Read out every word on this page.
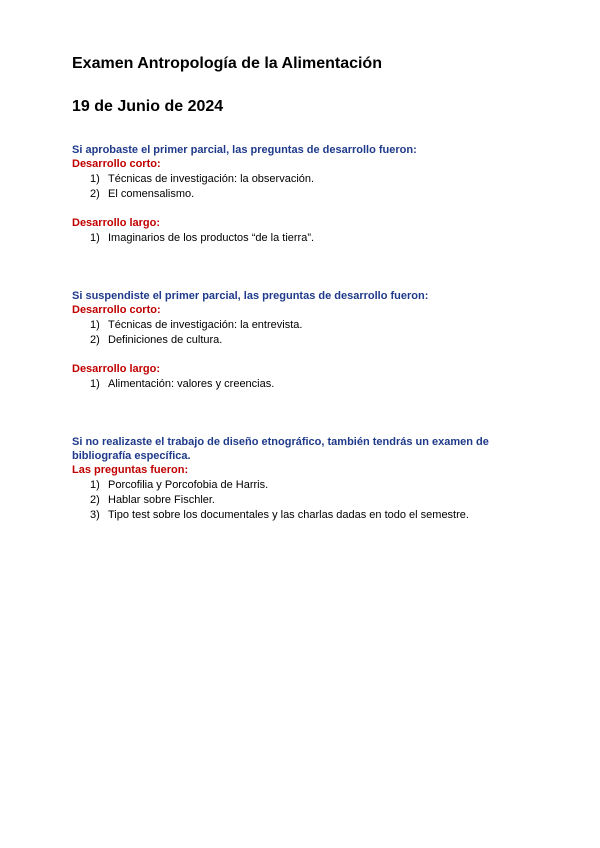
Examen Antropología de la Alimentación
19 de Junio de 2024

Si aprobaste el primer parcial, las preguntas de desarrollo fueron:

Desarrollo corto:

1) Técnicas de investigación: la observación.
2) El comensalismo.

Desarrollo largo:

1) Imaginarios de los productos “de la tierra”.

Si suspendiste el primer parcial, las preguntas de desarrollo fueron:

Desarrollo corto:

1) Técnicas de investigación: la entrevista.
2) Definiciones de cultura.

Desarrollo largo:

1) Alimentación: valores y creencias.

Si no realizaste el trabajo de diseño etnográfico, también tendrás un examen de bibliografía específica.

Las preguntas fueron:

1) Porcofilia y Porcofobia de Harris.
2) Hablar sobre Fischler.
3) Tipo test sobre los documentales y las charlas dadas en todo el semestre.
